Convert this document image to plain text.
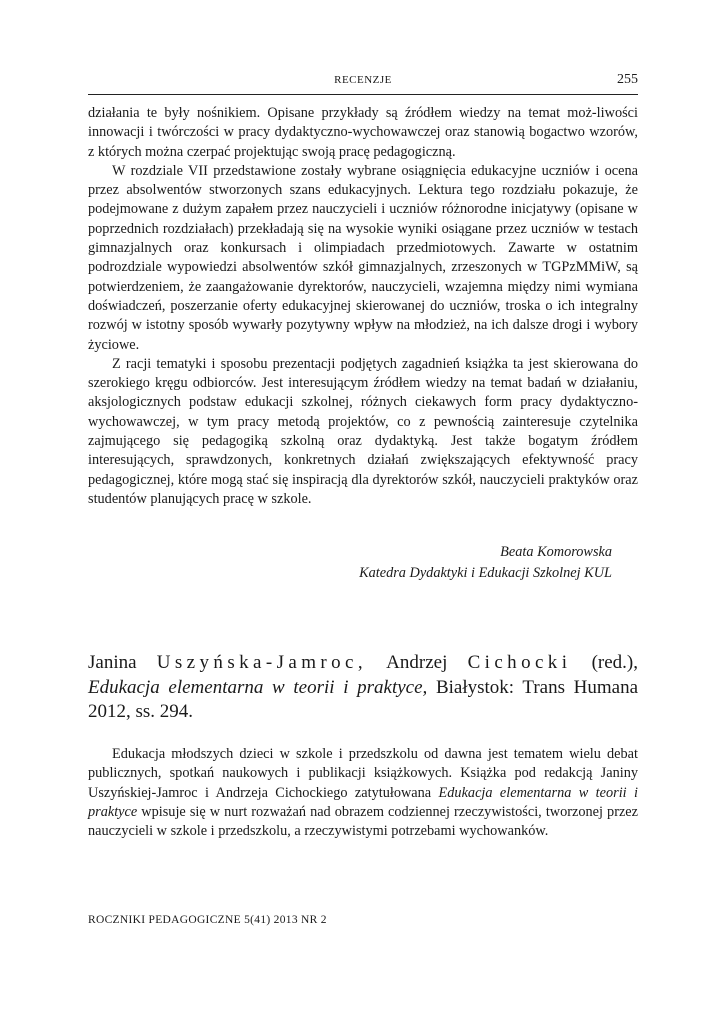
RECENZJE	255

działania te były nośnikiem. Opisane przykłady są źródłem wiedzy na temat moż-liwości innowacji i twórczości w pracy dydaktyczno-wychowawczej oraz stanowią bogactwo wzorów, z których można czerpać projektując swoją pracę pedagogiczną.

W rozdziale VII przedstawione zostały wybrane osiągnięcia edukacyjne uczniów i ocena przez absolwentów stworzonych szans edukacyjnych. Lektura tego rozdziału pokazuje, że podejmowane z dużym zapałem przez nauczycieli i uczniów różnorodne inicjatywy (opisane w poprzednich rozdziałach) przekładają się na wysokie wyniki osiągane przez uczniów w testach gimnazjalnych oraz konkursach i olimpiadach przedmiotowych. Zawarte w ostatnim podrozdziale wypowiedzi absolwentów szkół gimnazjalnych, zrzeszonych w TGPzMMiW, są potwierdzeniem, że zaangażowanie dyrektorów, nauczycieli, wzajemna między nimi wymiana doświadczeń, poszerzanie oferty edukacyjnej skierowanej do uczniów, troska o ich integralny rozwój w istotny sposób wywarły pozytywny wpływ na młodzież, na ich dalsze drogi i wybory życiowe.

Z racji tematyki i sposobu prezentacji podjętych zagadnień książka ta jest skierowana do szerokiego kręgu odbiorców. Jest interesującym źródłem wiedzy na temat badań w działaniu, aksjologicznych podstaw edukacji szkolnej, różnych ciekawych form pracy dydaktyczno-wychowawczej, w tym pracy metodą projektów, co z pewnością zainteresuje czytelnika zajmującego się pedagogiką szkolną oraz dydaktyką. Jest także bogatym źródłem interesujących, sprawdzonych, konkretnych działań zwiększających efektywność pracy pedagogicznej, które mogą stać się inspiracją dla dyrektorów szkół, nauczycieli praktyków oraz studentów planujących pracę w szkole.

Beata Komorowska
Katedra Dydaktyki i Edukacji Szkolnej KUL
Janina Uszyńska-Jamroc, Andrzej Cichocki (red.), Edukacja elementarna w teorii i praktyce, Białystok: Trans Humana 2012, ss. 294.

Edukacja młodszych dzieci w szkole i przedszkolu od dawna jest tematem wielu debat publicznych, spotkań naukowych i publikacji książkowych. Książka pod redakcją Janiny Uszyńskiej-Jamroc i Andrzeja Cichockiego zatytułowana Edukacja elementarna w teorii i praktyce wpisuje się w nurt rozważań nad obrazem codziennej rzeczywistości, tworzonej przez nauczycieli w szkole i przedszkolu, a rzeczywistymi potrzebami wychowanków.

ROCZNIKI PEDAGOGICZNE 5(41) 2013 NR 2
